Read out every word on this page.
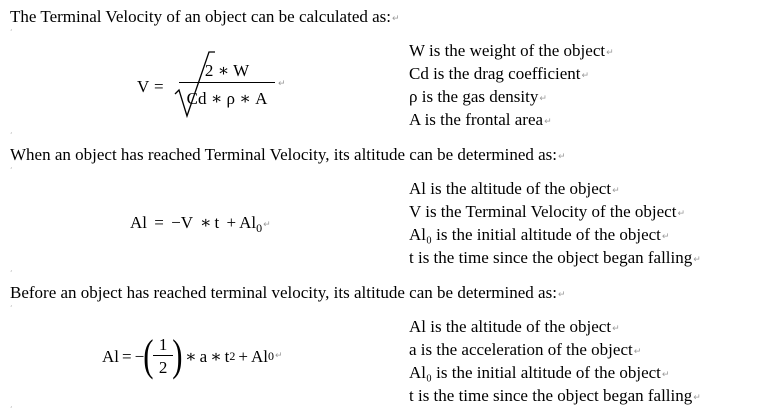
The Terminal Velocity of an object can be calculated as:↵
‘
$V = \frac{2 ∗ W}{Cd ∗ \rho ∗ A}$ ↵
W is the weight of the object↵
Cd is the drag coefficient↵
ρ is the gas density↵
A is the frontal area↵
‘
When an object has reached Terminal Velocity, its altitude can be determined as:↵
‘
Al = −V ∗ $t + Al_0↵$
Al is the altitude of the object↵
V is the Terminal Velocity of the object↵
Al₀ is the initial altitude of the object↵
t is the time since the object began falling↵
‘
Before an object has reached terminal velocity, its altitude can be determined as:↵
‘
Al = − ( $\frac{1}{2}$ ) ∗ a ∗ t 2 + Al 0 ↵
Al is the altitude of the object↵
a is the acceleration of the object↵
Al₀ is the initial altitude of the object↵
t is the time since the object began falling↵
‘
